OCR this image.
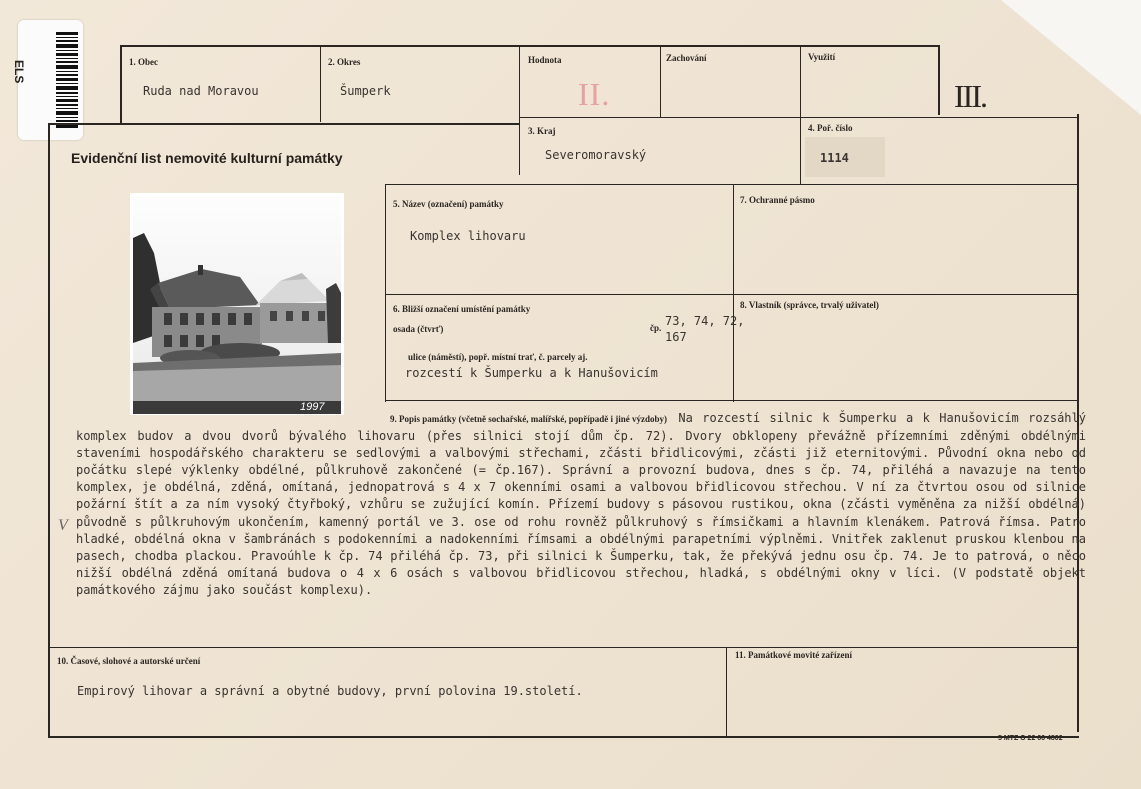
ELS	1. Obec
Ruda nad Moravou
2. Okres
Šumperk
Hodnota
II.
Zachování	Využití
III.
Evidenční list nemovité kulturní památky
3. Kraj
Severomoravský
4. Poř. číslo
1114
1997
5. Název (označení) památky
Komplex lihovaru
7. Ochranné pásmo
6. Bližší označení umístění památky
osada (čtvrť)	čp. 73, 74, 72,
167
ulice (náměstí), popř. místní trať, č. parcely aj.
rozcestí k Šumperku a k Hanušovicím
8. Vlastník (správce, trvalý uživatel)
V
9. Popis památky (včetně sochařské, malířské, popřípadě i jiné výzdoby) Na rozcestí silnic k Šumperku a k Hanušovicím rozsáhlý komplex budov a dvou dvorů bývalého lihovaru (přes silnici stojí dům čp. 72). Dvory obklopeny převážně přízemními zděnými obdélnými staveními hospodářského charakteru se sedlovými a valbovými střechami, zčásti břidlicovými, zčásti již eternitovými. Původní okna nebo od počátku slepé výklenky obdélné, půlkruhově zakončené (= čp.167). Správní a provozní budova, dnes s čp. 74, přiléhá a navazuje na tento komplex, je obdélná, zděná, omítaná, jednopatrová s 4 x 7 okenními osami a valbovou břidlicovou střechou. V ní za čtvrtou osou od silnice požární štít a za ním vysoký čtyřboký, vzhůru se zužující komín. Přízemí budovy s pásovou rustikou, okna (zčásti vyměněna za nižší obdélná) původně s půlkruhovým ukončením, kamenný portál ve 3. ose od rohu rovněž půlkruhový s římsičkami a hlavním klenákem. Patrová římsa. Patro hladké, obdélná okna v šambránách s podokenními a nadokenními římsami a obdélnými parapetními výplněmi. Vnitřek zaklenut pruskou klenbou na pasech, chodba plackou. Pravoúhle k čp. 74 přiléhá čp. 73, při silnici k Šumperku, tak, že překývá jednu osu čp. 74. Je to patrová, o něco nižší obdélná zděná omítaná budova o 4 x 6 osách s valbovou břidlicovou střechou, hladká, s obdélnými okny v líci. (V podstatě objekt památkového zájmu jako součást komplexu).
10. Časové, slohové a autorské určení
Empirový lihovar a správní a obytné budovy, první polovina 19.století.
11. Památkové movité zařízení
5 MTZ O 22 66 4802
